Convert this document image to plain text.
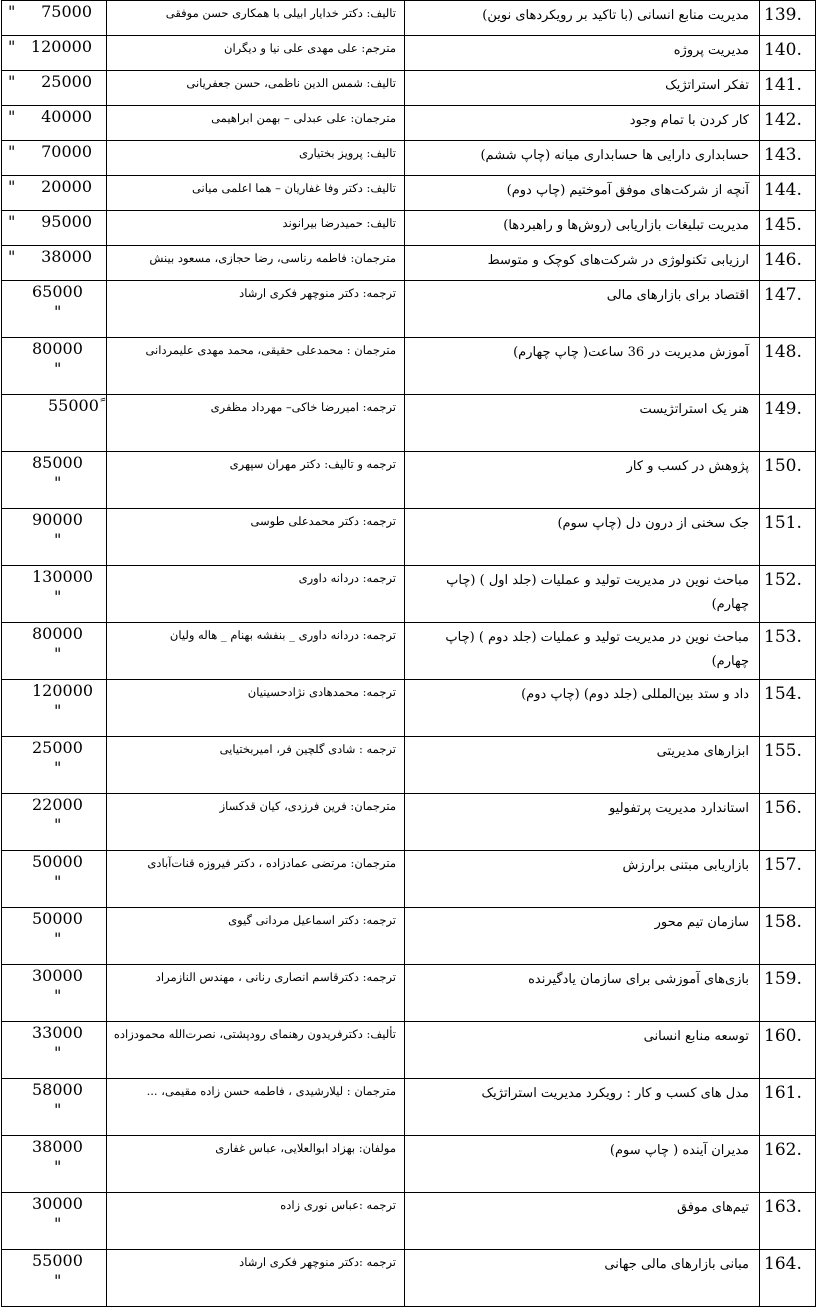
.139	مدیریت منابع انسانی (با تاکید بر رویکردهای نوین)	تالیف: دکتر خدایار ابیلی با همکاری حسن موفقی	" 75000

.140	مدیریت پروژه	مترجم: علی مهدی علی نیا و دیگران	" 120000

.141	تفکر استراتژیک	تالیف: شمس الدین ناظمی، حسن جعفریانی	" 25000

.142	کار کردن با تمام وجود	مترجمان: علی عبدلی – بهمن ابراهیمی	" 40000

.143	حسابداری دارایی ها حسابداری میانه (چاپ ششم)	تالیف: پرویز بختیاری	" 70000

.144	آنچه از شرکت‌های موفق آموختیم (چاپ دوم)	تالیف: دکتر وفا غفاریان – هما اعلمی میانی	" 20000

.145	مدیریت تبلیغات بازاریابی (روش‌ها و راهبردها)	تالیف: حمیدرضا بیرانوند	" 95000

.146	ارزیابی تکنولوژی در شرکت‌های کوچک و متوسط	مترجمان: فاطمه رناسی، رضا حجازی، مسعود بینش	" 38000

.147	اقتصاد برای بازارهای مالی	ترجمه: دکتر منوچهر فکری ارشاد	65000
"

.148	آموزش مدیریت در 36 ساعت( چاپ چهارم)	مترجمان : محمدعلی حقیقی، محمد مهدی علیمردانی	80000
"

.149	هنر یک استراتژیست	ترجمه: امیررضا خاکی– مهرداد مظفری	55000

.150	پژوهش در کسب و کار	ترجمه و تالیف: دکتر مهران سپهری	85000
"

.151	جک سخنی از درون دل (چاپ سوم)	ترجمه: دکتر محمدعلی طوسی	90000
"

.152	مباحث نوین در مدیریت تولید و عملیات (جلد اول ) (چاپ چهارم)	ترجمه: دردانه داوری	130000
"

.153	مباحث نوین در مدیریت تولید و عملیات (جلد دوم ) (چاپ چهارم)	ترجمه: دردانه داوری _ بنفشه بهنام _ هاله ولیان	80000
"

.154	داد و ستد بین‌المللی (جلد دوم) (چاپ دوم)	ترجمه: محمدهادی نژادحسینیان	120000
"

.155	ابزارهای مدیریتی	ترجمه : شادی گلچین فر، امیربختیایی	25000
"

.156	استاندارد مدیریت پرتفولیو	مترجمان: فرین فرزدی، کیان قدکساز	22000
"

.157	بازاریابی مبتنی برارزش	مترجمان: مرتضی عمادزاده ، دکتر فیروزه قنات‌آبادی	50000
"

.158	سازمان تیم محور	ترجمه: دکتر اسماعیل مردانی گیوی	50000
"

.159	بازی‌های آموزشی برای سازمان یادگیرنده	ترجمه: دکترقاسم انصاری رنانی ، مهندس النازمراد	30000
"

.160	توسعه منابع انسانی	تألیف: دکترفریدون رهنمای رودپشتی، نصرت‌الله محمودزاده	33000
"

.161	مدل های کسب و کار : رویکرد مدیریت استراتژیک	مترجمان : لیلارشیدی ، فاطمه حسن زاده مقیمی، ...	58000
"

.162	مدیران آینده ( چاپ سوم)	مولفان: بهزاد ابوالعلایی، عباس غفاری	38000
"

.163	تیم‌های موفق	ترجمه :عباس نوری زاده	30000
"

.164	مبانی بازارهای مالی جهانی	ترجمه :دکتر منوچهر فکری ارشاد	55000
"
